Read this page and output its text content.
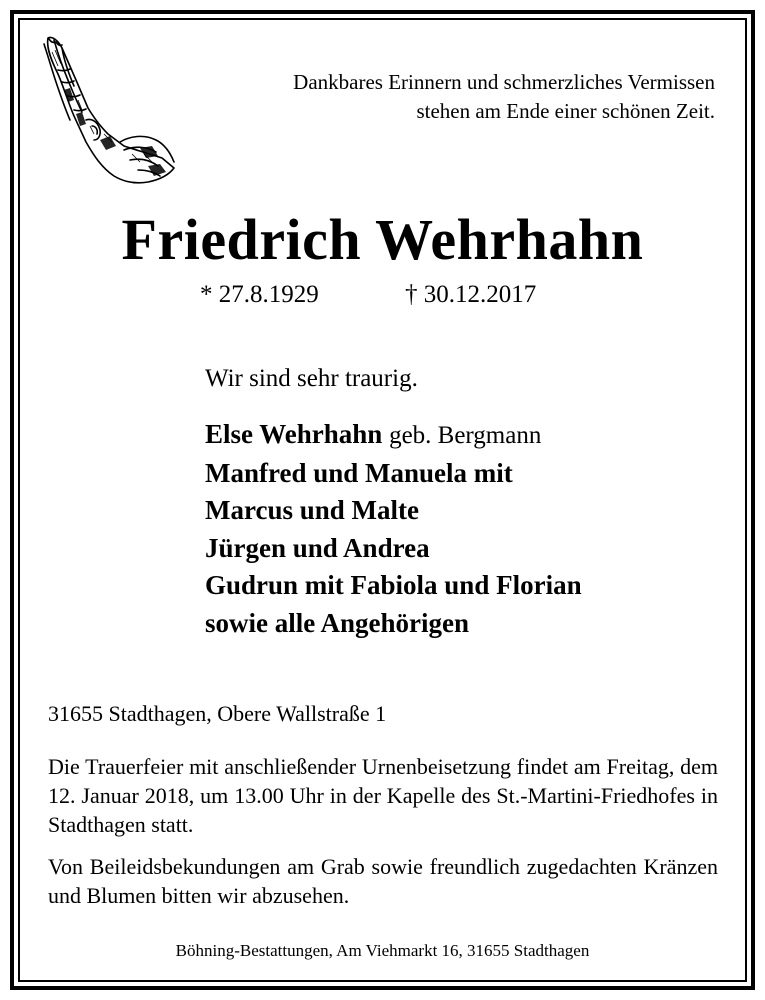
Dankbares Erinnern und schmerzliches Vermissen
stehen am Ende einer schönen Zeit.
Friedrich Wehrhahn
* 27.8.1929	† 30.12.2017
Wir sind sehr traurig.
Else Wehrhahn geb. Bergmann
Manfred und Manuela mit
Marcus und Malte
Jürgen und Andrea
Gudrun mit Fabiola und Florian
sowie alle Angehörigen
31655 Stadthagen, Obere Wallstraße 1
Die Trauerfeier mit anschließender Urnenbeisetzung findet am Freitag, dem 12. Januar 2018, um 13.00 Uhr in der Kapelle des St.-Martini-Friedhofes in Stadthagen statt.
Von Beileidsbekundungen am Grab sowie freundlich zugedachten Kränzen und Blumen bitten wir abzusehen.
Böhning-Bestattungen, Am Viehmarkt 16, 31655 Stadthagen
